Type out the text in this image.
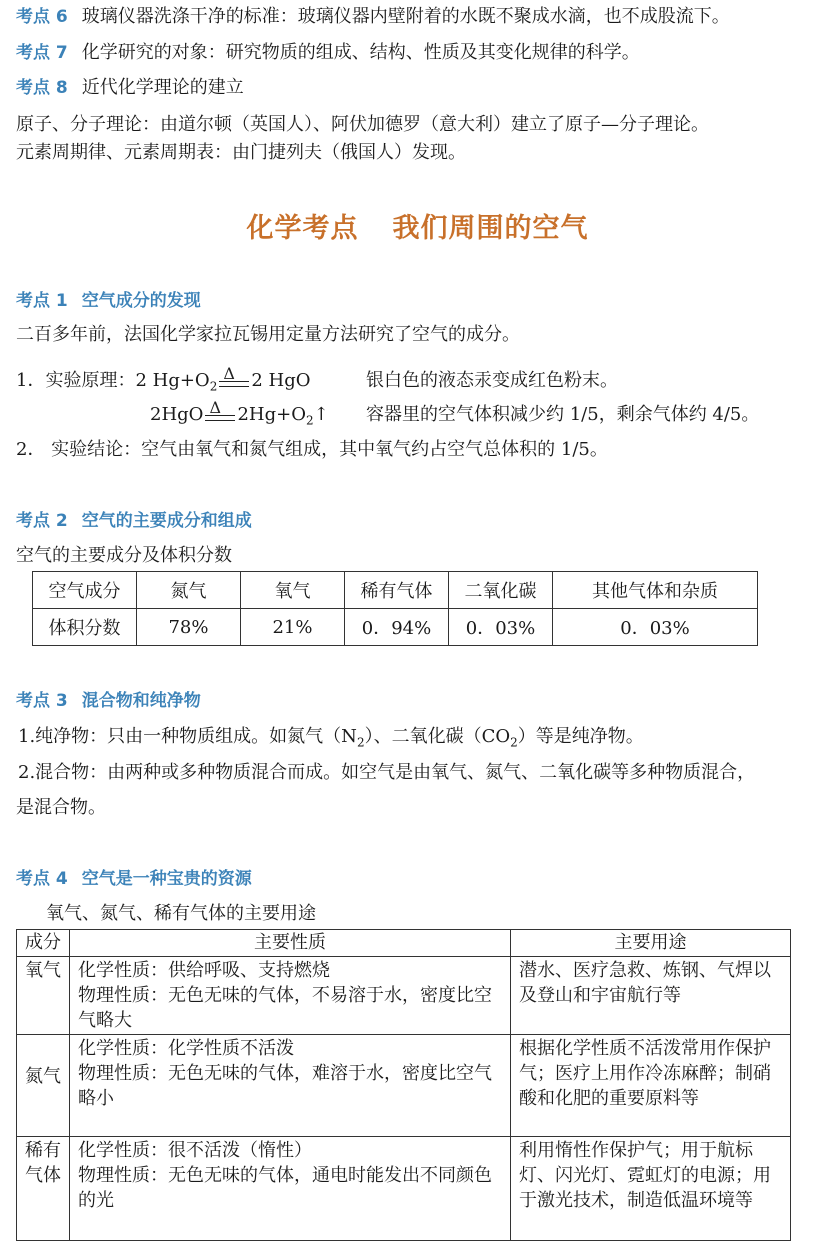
考点 6 玻璃仪器洗涤干净的标准：玻璃仪器内壁附着的水既不聚成水滴，也不成股流下。
考点 7 化学研究的对象：研究物质的组成、结构、性质及其变化规律的科学。
考点 8 近代化学理论的建立
原子、分子理论：由道尔顿（英国人）、阿伏加德罗（意大利）建立了原子—分子理论。
元素周期律、元素周期表：由门捷列夫（俄国人）发现。
化学考点 我们周围的空气
考点 1 空气成分的发现
二百多年前，法国化学家拉瓦锡用定量方法研究了空气的成分。
1．实验原理：2 $Hg+O_2$
Δ 2 HgO	银白色的液态汞变成红色粉末。
2HgO Δ $2Hg+O_2↑$ 容器里的空气体积减少约 1/5，剩余气体约 4/5。
2． 实验结论：空气由氧气和氮气组成，其中氧气约占空气总体积的 1/5。
考点 2 空气的主要成分和组成
空气的主要成分及体积分数
空气成分	氮气	氧气	稀有气体	二氧化碳	其他气体和杂质
体积分数	78%	21%	0．94%	0．03%	0．03%
考点 3 混合物和纯净物
1.纯净物：只由一种物质组成。如氮气$(N_2)$、二氧化碳$(CO_2)$等是纯净物。
2.混合物：由两种或多种物质混合而成。如空气是由氧气、氮气、二氧化碳等多种物质混合，
是混合物。
考点 4 空气是一种宝贵的资源
氧气、氮气、稀有气体的主要用途
成分	主要性质	主要用途
氧气	化学性质：供给呼吸、支持燃烧
物理性质：无色无味的气体，不易溶于水，密度比空气略大	潜水、医疗急救、炼钢、气焊以及登山和宇宙航行等
氮气	化学性质：化学性质不活泼
物理性质：无色无味的气体，难溶于水，密度比空气略小	根据化学性质不活泼常用作保护气；医疗上用作冷冻麻醉；制硝酸和化肥的重要原料等
稀有气体	化学性质：很不活泼（惰性）
物理性质：无色无味的气体，通电时能发出不同颜色的光	利用惰性作保护气；用于航标灯、闪光灯、霓虹灯的电源；用于激光技术，制造低温环境等
